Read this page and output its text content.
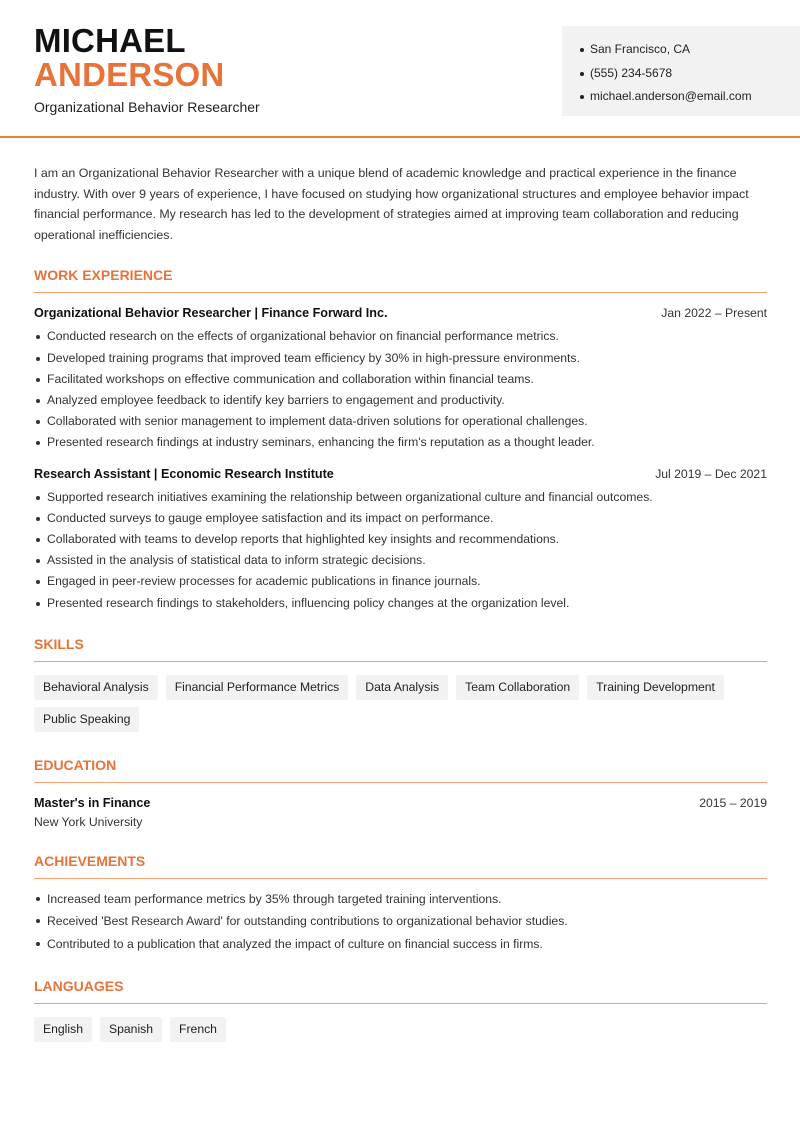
MICHAEL
ANDERSON
Organizational Behavior Researcher
San Francisco, CA
(555) 234-5678
michael.anderson@email.com

I am an Organizational Behavior Researcher with a unique blend of academic knowledge and practical experience in the finance industry. With over 9 years of experience, I have focused on studying how organizational structures and employee behavior impact financial performance. My research has led to the development of strategies aimed at improving team collaboration and reducing operational inefficiencies.

WORK EXPERIENCE
Organizational Behavior Researcher | Finance Forward Inc.	Jan 2022 – Present
Conducted research on the effects of organizational behavior on financial performance metrics.
Developed training programs that improved team efficiency by 30% in high-pressure environments.
Facilitated workshops on effective communication and collaboration within financial teams.
Analyzed employee feedback to identify key barriers to engagement and productivity.
Collaborated with senior management to implement data-driven solutions for operational challenges.
Presented research findings at industry seminars, enhancing the firm's reputation as a thought leader.
Research Assistant | Economic Research Institute	Jul 2019 – Dec 2021
Supported research initiatives examining the relationship between organizational culture and financial outcomes.
Conducted surveys to gauge employee satisfaction and its impact on performance.
Collaborated with teams to develop reports that highlighted key insights and recommendations.
Assisted in the analysis of statistical data to inform strategic decisions.
Engaged in peer-review processes for academic publications in finance journals.
Presented research findings to stakeholders, influencing policy changes at the organization level.
SKILLS
Behavioral Analysis	Financial Performance Metrics	Data Analysis	Team Collaboration	Training Development
Public Speaking
EDUCATION
Master's in Finance	2015 – 2019
New York University
ACHIEVEMENTS
Increased team performance metrics by 35% through targeted training interventions.
Received 'Best Research Award' for outstanding contributions to organizational behavior studies.
Contributed to a publication that analyzed the impact of culture on financial success in firms.
LANGUAGES
English	Spanish	French
